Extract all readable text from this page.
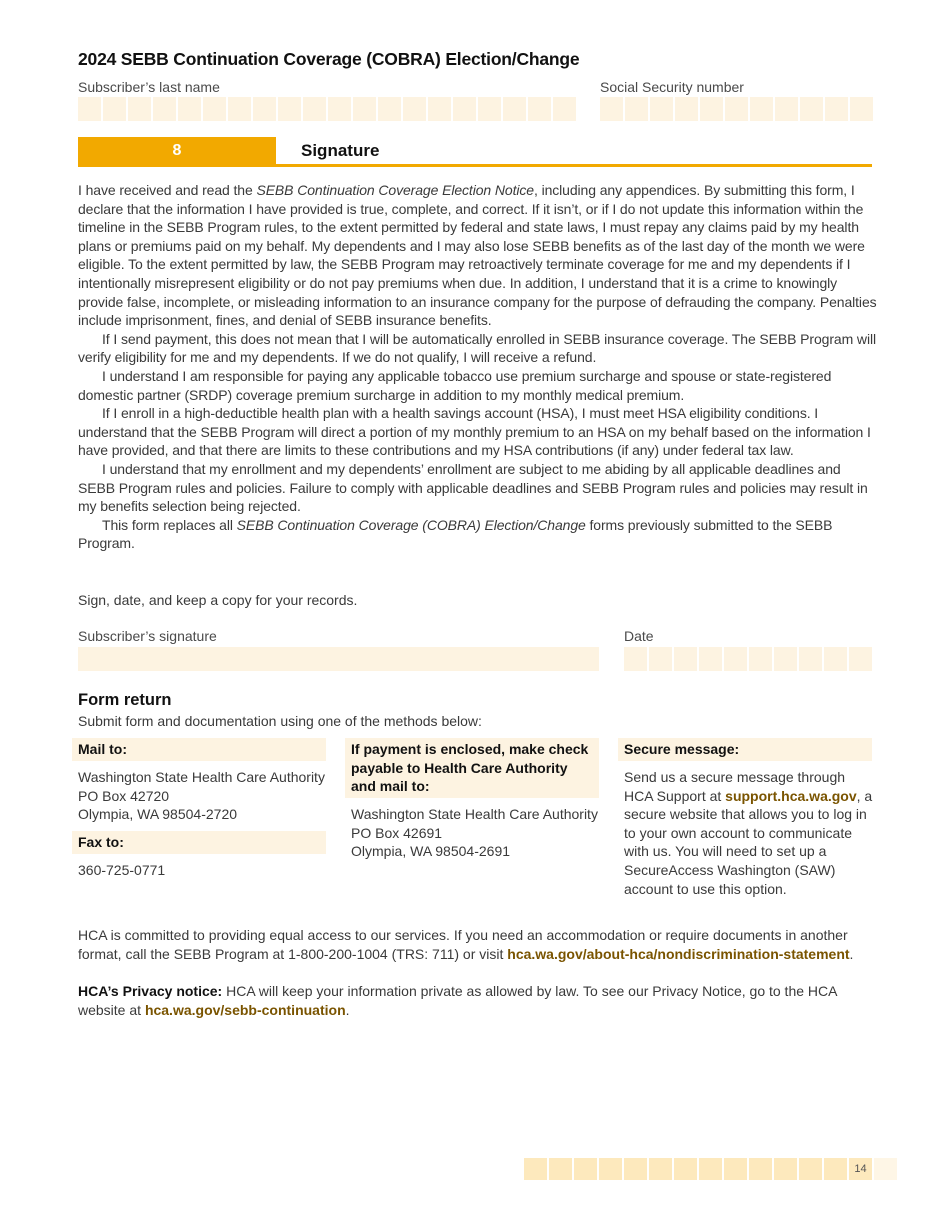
2024 SEBB Continuation Coverage (COBRA) Election/Change
Subscriber’s last name	Social Security number
8	Signature

I have received and read the SEBB Continuation Coverage Election Notice, including any appendices. By submitting this form, I declare that the information I have provided is true, complete, and correct. If it isn’t, or if I do not update this information within the timeline in the SEBB Program rules, to the extent permitted by federal and state laws, I must repay any claims paid by my health plans or premiums paid on my behalf. My dependents and I may also lose SEBB benefits as of the last day of the month we were eligible. To the extent permitted by law, the SEBB Program may retroactively terminate coverage for me and my dependents if I intentionally misrepresent eligibility or do not pay premiums when due. In addition, I understand that it is a crime to knowingly provide false, incomplete, or misleading information to an insurance company for the purpose of defrauding the company. Penalties include imprisonment, fines, and denial of SEBB insurance benefits.

If I send payment, this does not mean that I will be automatically enrolled in SEBB insurance coverage. The SEBB Program will verify eligibility for me and my dependents. If we do not qualify, I will receive a refund.

I understand I am responsible for paying any applicable tobacco use premium surcharge and spouse or state-registered domestic partner (SRDP) coverage premium surcharge in addition to my monthly medical premium.

If I enroll in a high-deductible health plan with a health savings account (HSA), I must meet HSA eligibility conditions. I understand that the SEBB Program will direct a portion of my monthly premium to an HSA on my behalf based on the information I have provided, and that there are limits to these contributions and my HSA contributions (if any) under federal tax law.

I understand that my enrollment and my dependents’ enrollment are subject to me abiding by all applicable deadlines and SEBB Program rules and policies. Failure to comply with applicable deadlines and SEBB Program rules and policies may result in my benefits selection being rejected.

This form replaces all SEBB Continuation Coverage (COBRA) Election/Change forms previously submitted to the SEBB Program.

Sign, date, and keep a copy for your records.
Subscriber’s signature	Date
Form return
Submit form and documentation using one of the methods below:
Mail to:
Washington State Health Care Authority
PO Box 42720
Olympia, WA 98504-2720
Fax to:
360-725-0771
If payment is enclosed, make check payable to Health Care Authority and mail to:
Washington State Health Care Authority
PO Box 42691
Olympia, WA 98504-2691
Secure message:
Send us a secure message through HCA Support at support.hca.wa.gov, a secure website that allows you to log in to your own account to communicate with us. You will need to set up a SecureAccess Washington (SAW) account to use this option.
HCA is committed to providing equal access to our services. If you need an accommodation or require documents in another format, call the SEBB Program at 1-800-200-1004 (TRS: 711) or visit hca.wa.gov/about-hca/nondiscrimination-statement.
HCA’s Privacy notice: HCA will keep your information private as allowed by law. To see our Privacy Notice, go to the HCA website at hca.wa.gov/sebb-continuation.
14
